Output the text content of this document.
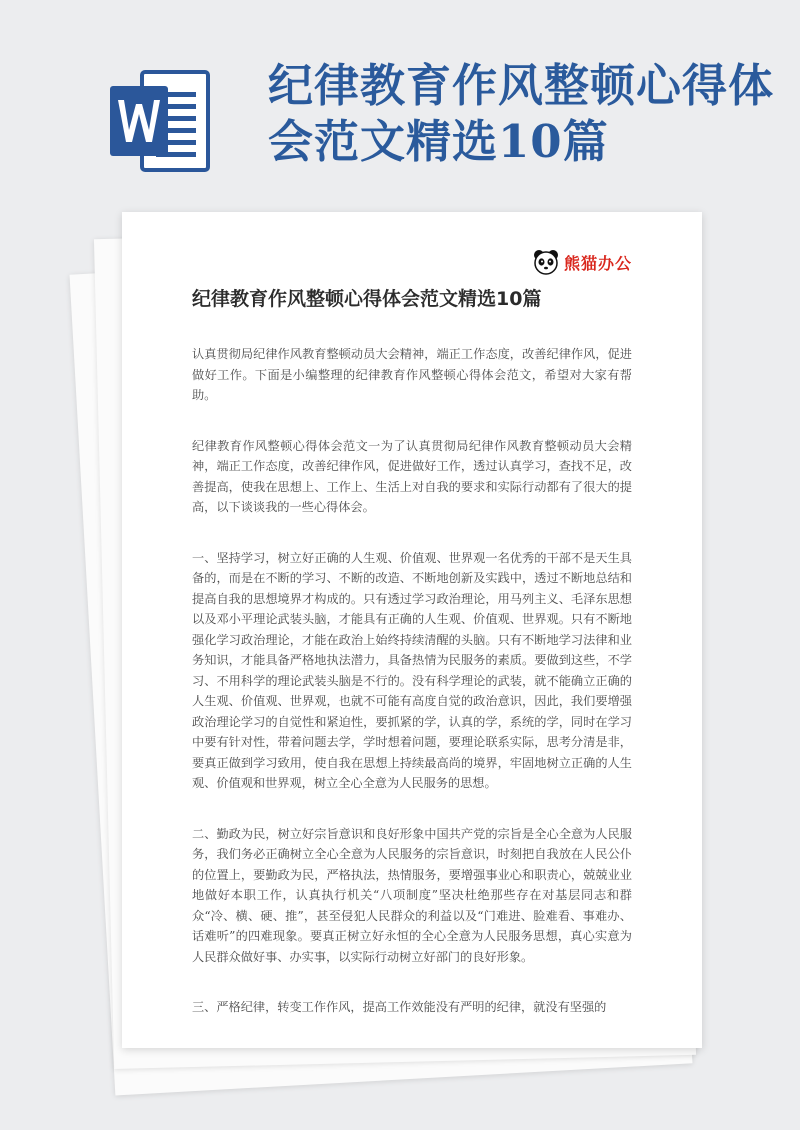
纪律教育作风整顿心得体会范文精选10篇
熊猫办公
纪律教育作风整顿心得体会范文精选10篇

认真贯彻局纪律作风教育整顿动员大会精神，端正工作态度，改善纪律作风，促进做好工作。下面是小编整理的纪律教育作风整顿心得体会范文，希望对大家有帮助。

纪律教育作风整顿心得体会范文一为了认真贯彻局纪律作风教育整顿动员大会精神，端正工作态度，改善纪律作风，促进做好工作，透过认真学习，查找不足，改善提高，使我在思想上、工作上、生活上对自我的要求和实际行动都有了很大的提高，以下谈谈我的一些心得体会。

一、坚持学习，树立好正确的人生观、价值观、世界观一名优秀的干部不是天生具备的，而是在不断的学习、不断的改造、不断地创新及实践中，透过不断地总结和提高自我的思想境界才构成的。只有透过学习政治理论，用马列主义、毛泽东思想以及邓小平理论武装头脑，才能具有正确的人生观、价值观、世界观。只有不断地强化学习政治理论，才能在政治上始终持续清醒的头脑。只有不断地学习法律和业务知识，才能具备严格地执法潜力，具备热情为民服务的素质。要做到这些，不学习、不用科学的理论武装头脑是不行的。没有科学理论的武装，就不能确立正确的人生观、价值观、世界观，也就不可能有高度自觉的政治意识，因此，我们要增强政治理论学习的自觉性和紧迫性，要抓紧的学，认真的学，系统的学，同时在学习中要有针对性，带着问题去学，学时想着问题，要理论联系实际，思考分清是非，要真正做到学习致用，使自我在思想上持续最高尚的境界，牢固地树立正确的人生观、价值观和世界观，树立全心全意为人民服务的思想。

二、勤政为民，树立好宗旨意识和良好形象中国共产党的宗旨是全心全意为人民服务，我们务必正确树立全心全意为人民服务的宗旨意识，时刻把自我放在人民公仆的位置上，要勤政为民，严格执法，热情服务，要增强事业心和职责心，兢兢业业地做好本职工作，认真执行机关“八项制度”坚决杜绝那些存在对基层同志和群众“冷、横、硬、推”，甚至侵犯人民群众的利益以及“门难进、脸难看、事难办、话难听”的四难现象。要真正树立好永恒的全心全意为人民服务思想，真心实意为人民群众做好事、办实事，以实际行动树立好部门的良好形象。

三、严格纪律，转变工作作风，提高工作效能没有严明的纪律，就没有坚强的
